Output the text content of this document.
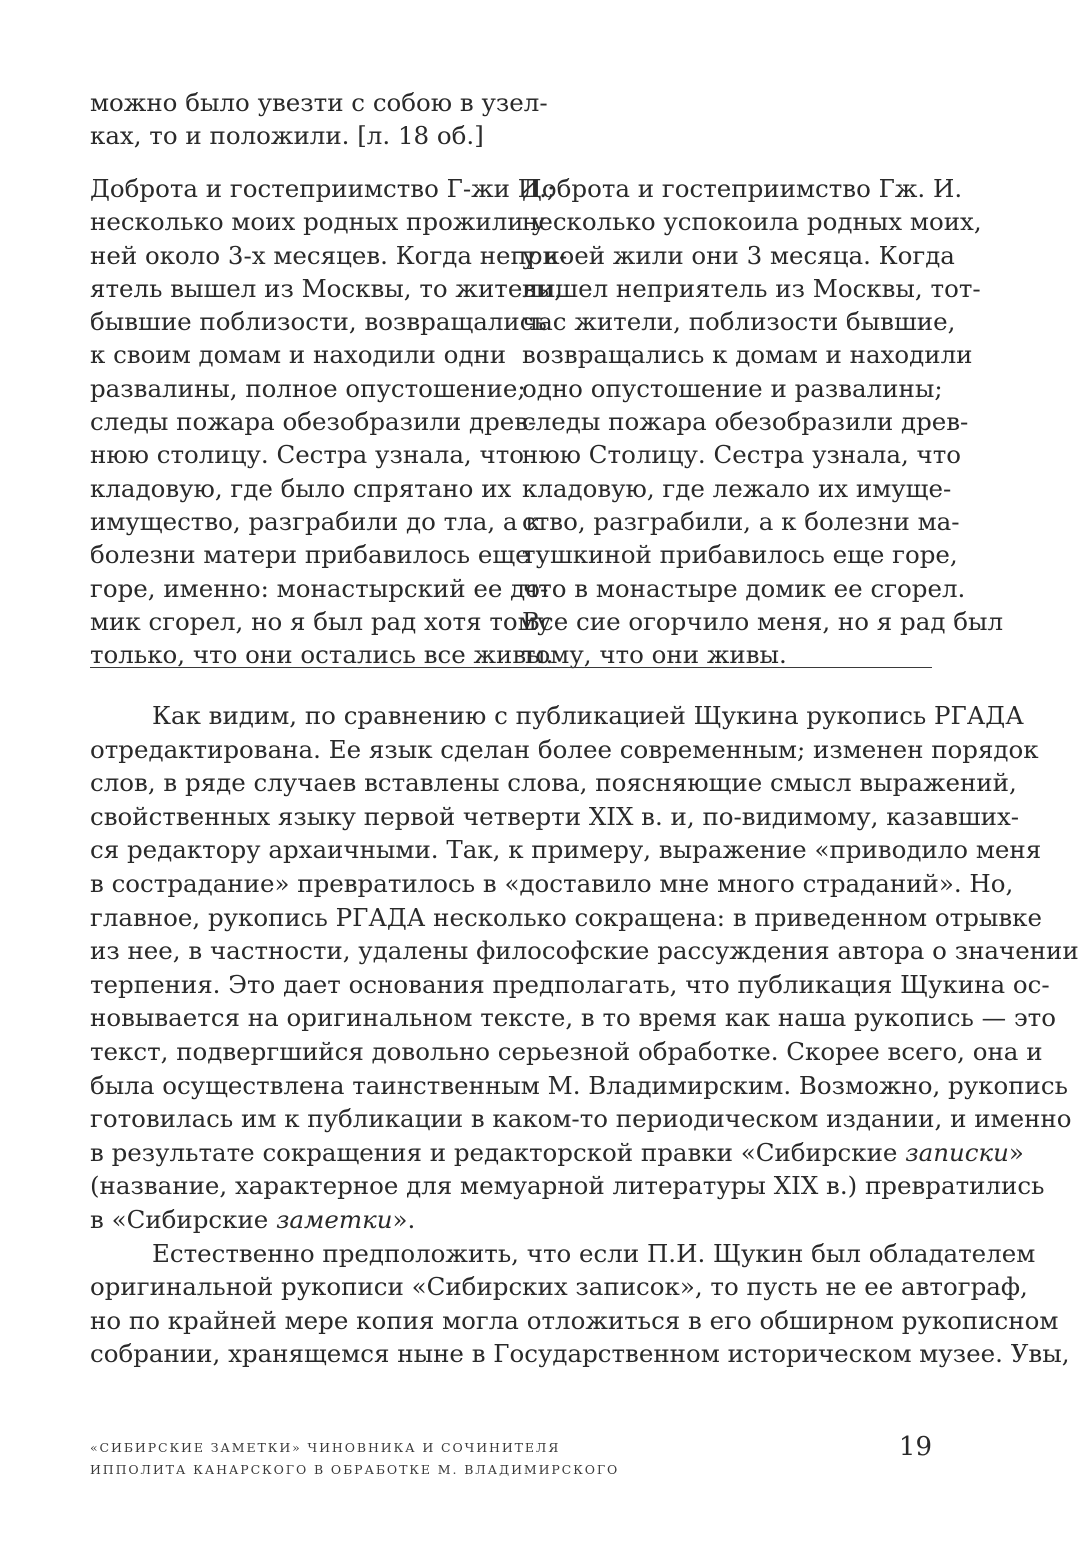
можно было увезти с собою в узел-
ках, то и положили. [л. 18 об.]
Доброта и гостеприимство Г-жи И.;
несколько моих родных прожили у
ней около 3-х месяцев. Когда непри-
ятель вышел из Москвы, то жители,
бывшие поблизости, возвращались
к своим домам и находили одни
развалины, полное опустошение;
следы пожара обезобразили древ-
нюю столицу. Сестра узнала, что
кладовую, где было спрятано их
имущество, разграбили до тла, а к
болезни матери прибавилось еще
горе, именно: монастырский ее до-
мик сгорел, но я был рад хотя тому
только, что они остались все живы.
Доброта и гостеприимство Гж. И.
несколько успокоила родных моих,
у коей жили они 3 месяца. Когда
вышел неприятель из Москвы, тот-
час жители, поблизости бывшие,
возвращались к домам и находили
одно опустошение и развалины;
следы пожара обезобразили древ-
нюю Столицу. Сестра узнала, что
кладовую, где лежало их имуще-
ство, разграбили, а к болезни ма-
тушкиной прибавилось еще горе,
что в монастыре домик ее сгорел.
Все сие огорчило меня, но я рад был
тому, что они живы.
Как видим, по сравнению с публикацией Щукина рукопись РГАДА
отредактирована. Ее язык сделан более современным; изменен порядок
слов, в ряде случаев вставлены слова, поясняющие смысл выражений,
свойственных языку первой четверти XIX в. и, по-видимому, казавших-
ся редактору архаичными. Так, к примеру, выражение «приводило меня
в сострадание» превратилось в «доставило мне много страданий». Но,
главное, рукопись РГАДА несколько сокращена: в приведенном отрывке
из нее, в частности, удалены философские рассуждения автора о значении
терпения. Это дает основания предполагать, что публикация Щукина ос-
новывается на оригинальном тексте, в то время как наша рукопись — это
текст, подвергшийся довольно серьезной обработке. Скорее всего, она и
была осуществлена таинственным М. Владимирским. Возможно, рукопись
готовилась им к публикации в каком-то периодическом издании, и именно
в результате сокращения и редакторской правки «Сибирские записки»
(название, характерное для мемуарной литературы XIX в.) превратились
в «Сибирские заметки».
Естественно предположить, что если П.И. Щукин был обладателем
оригинальной рукописи «Сибирских записок», то пусть не ее автограф,
но по крайней мере копия могла отложиться в его обширном рукописном
собрании, хранящемся ныне в Государственном историческом музее. Увы,
«СИБИРСКИЕ ЗАМЕТКИ» ЧИНОВНИКА И СОЧИНИТЕЛЯ
ИППОЛИТА КАНАРСКОГО В ОБРАБОТКЕ М. ВЛАДИМИРСКОГО
19
